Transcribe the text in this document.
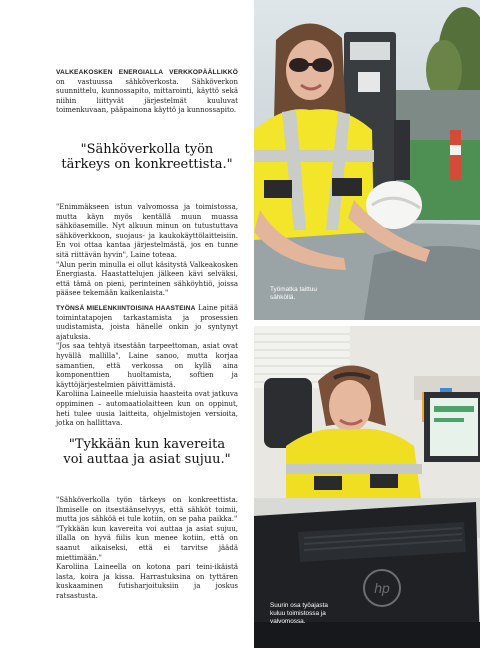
VALKEAKOSKEN ENERGIALLA VERKKOPÄÄLLIKKÖ on vastuussa sähköverkosta. Sähköverkon suunnittelu, kunnossapito, mittarointi, käyttö sekä niihin liittyvät järjestelmät kuuluvat toimenkuvaan, pääpainona käyttö ja kunnossapito.

"Sähköverkolla työn
tärkeys on konkreettista."

"Enimmäkseen istun valvomossa ja toimistossa, mutta käyn myös kentällä muun muassa sähköasemille. Nyt alkuun minun on tutustuttava sähköverkkoon, suojaus- ja kaukokäyttölaitteisiin. En voi ottaa kantaa järjestelmästä, jos en tunne sitä riittävän hyvin", Laine toteaa.

"Alun perin minulla ei ollut käsitystä Valkeakosken Energiasta. Haastattelujen jälkeen kävi selväksi, että tämä on pieni, perinteinen sähköyhtiö, joissa pääsee tekemään kaikenlaista."

TYÖNSÄ MIELENKIINTOISINA HAASTEINA Laine pitää toimintatapojen tarkastamista ja prosessien uudistamista, joista hänelle onkin jo syntynyt ajatuksia.

"Jos saa tehtyä itsestään tarpeettoman, asiat ovat hyvällä mallilla", Laine sanoo, mutta korjaa samantien, että verkossa on kyllä aina komponenttien huoltamista, softien ja käyttöjärjestelmien päivittämistä.

Karoliina Laineelle mieluisia haasteita ovat jatkuva oppiminen – automaatiolaitteen kun on oppinut, heti tulee uusia laitteita, ohjelmistojen versioita, jotka on hallittava.

"Tykkään kun kavereita
voi auttaa ja asiat sujuu."

"Sähköverkolla työn tärkeys on konkreettista. Ihmiselle on itsestäänselvyys, että sähköt toimii, mutta jos sähköä ei tule kotiin, on se paha paikka."

"Tykkään kun kavereita voi auttaa ja asiat sujuu, illalla on hyvä fiilis kun menee kotiin, että on saanut aikaiseksi, että ei tarvitse jäädä miettimään."

Karoliina Laineella on kotona pari teini-ikäistä lasta, koira ja kissa. Harrastuksina on tyttären kuskaaminen futisharjoituksiin ja joskus ratsastusta.

Työmatka taittuu
sähköllä.
hp
Suurin osa työajasta
kuluu toimistossa ja
valvomossa.
